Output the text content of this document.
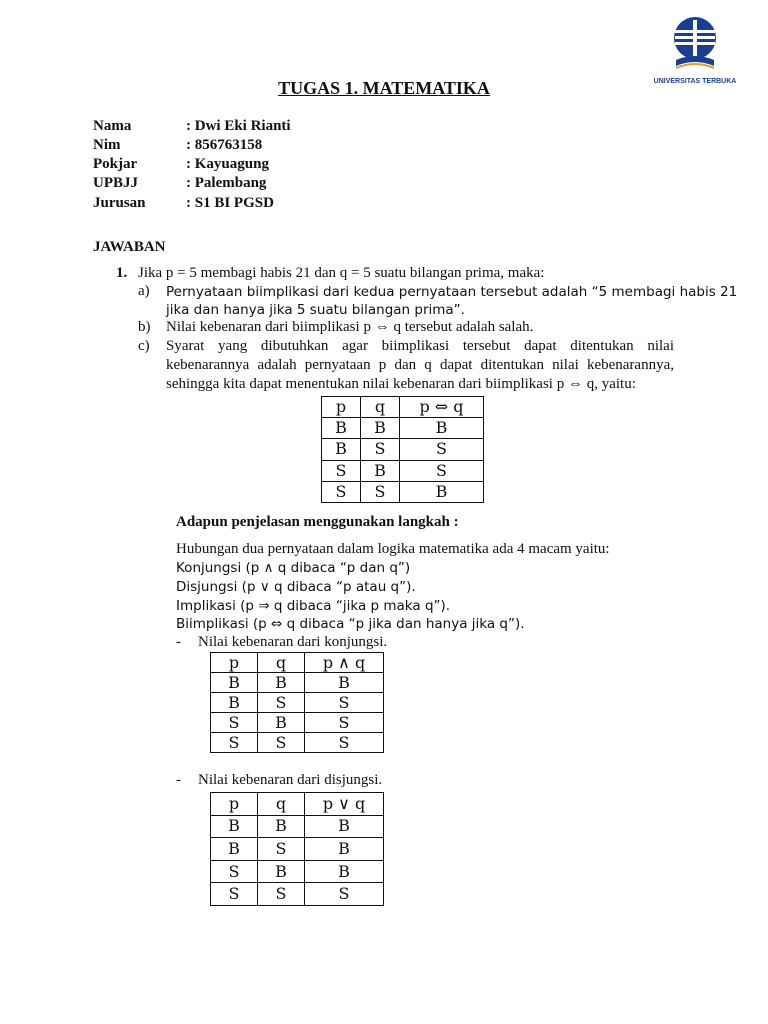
UNIVERSITAS TERBUKA
TUGAS 1. MATEMATIKA
Nama	: Dwi Eki Rianti
Nim	: 856763158
Pokjar	: Kayuagung
UPBJJ	: Palembang
Jurusan	: S1 BI PGSD
JAWABAN
1. Jika p = 5 membagi habis 21 dan q = 5 suatu bilangan prima, maka:
a) Pernyataan biimplikasi dari kedua pernyataan tersebut adalah “5 membagi habis 21
jika dan hanya jika 5 suatu bilangan prima”.
b) Nilai kebenaran dari biimplikasi p ⇔ q tersebut adalah salah.
c) Syarat yang dibutuhkan agar biimplikasi tersebut dapat ditentukan nilai
kebenarannya adalah pernyataan p dan q dapat ditentukan nilai kebenarannya,
sehingga kita dapat menentukan nilai kebenaran dari biimplikasi p ⇔ q, yaitu:
p	q	p ⇔ q
B	B	B
B	S	S
S	B	S
S	S	B
Adapun penjelasan menggunakan langkah :
Hubungan dua pernyataan dalam logika matematika ada 4 macam yaitu:
Konjungsi (p ∧ q dibaca “p dan q”)
Disjungsi (p ∨ q dibaca “p atau q”).
Implikasi (p ⇒ q dibaca “jika p maka q”).
Biimplikasi (p ⇔ q dibaca “p jika dan hanya jika q”).
- Nilai kebenaran dari konjungsi.
p	q	p ∧ q
B	B	B
B	S	S
S	B	S
S	S	S
- Nilai kebenaran dari disjungsi.
p	q	p ∨ q
B	B	B
B	S	B
S	B	B
S	S	S
